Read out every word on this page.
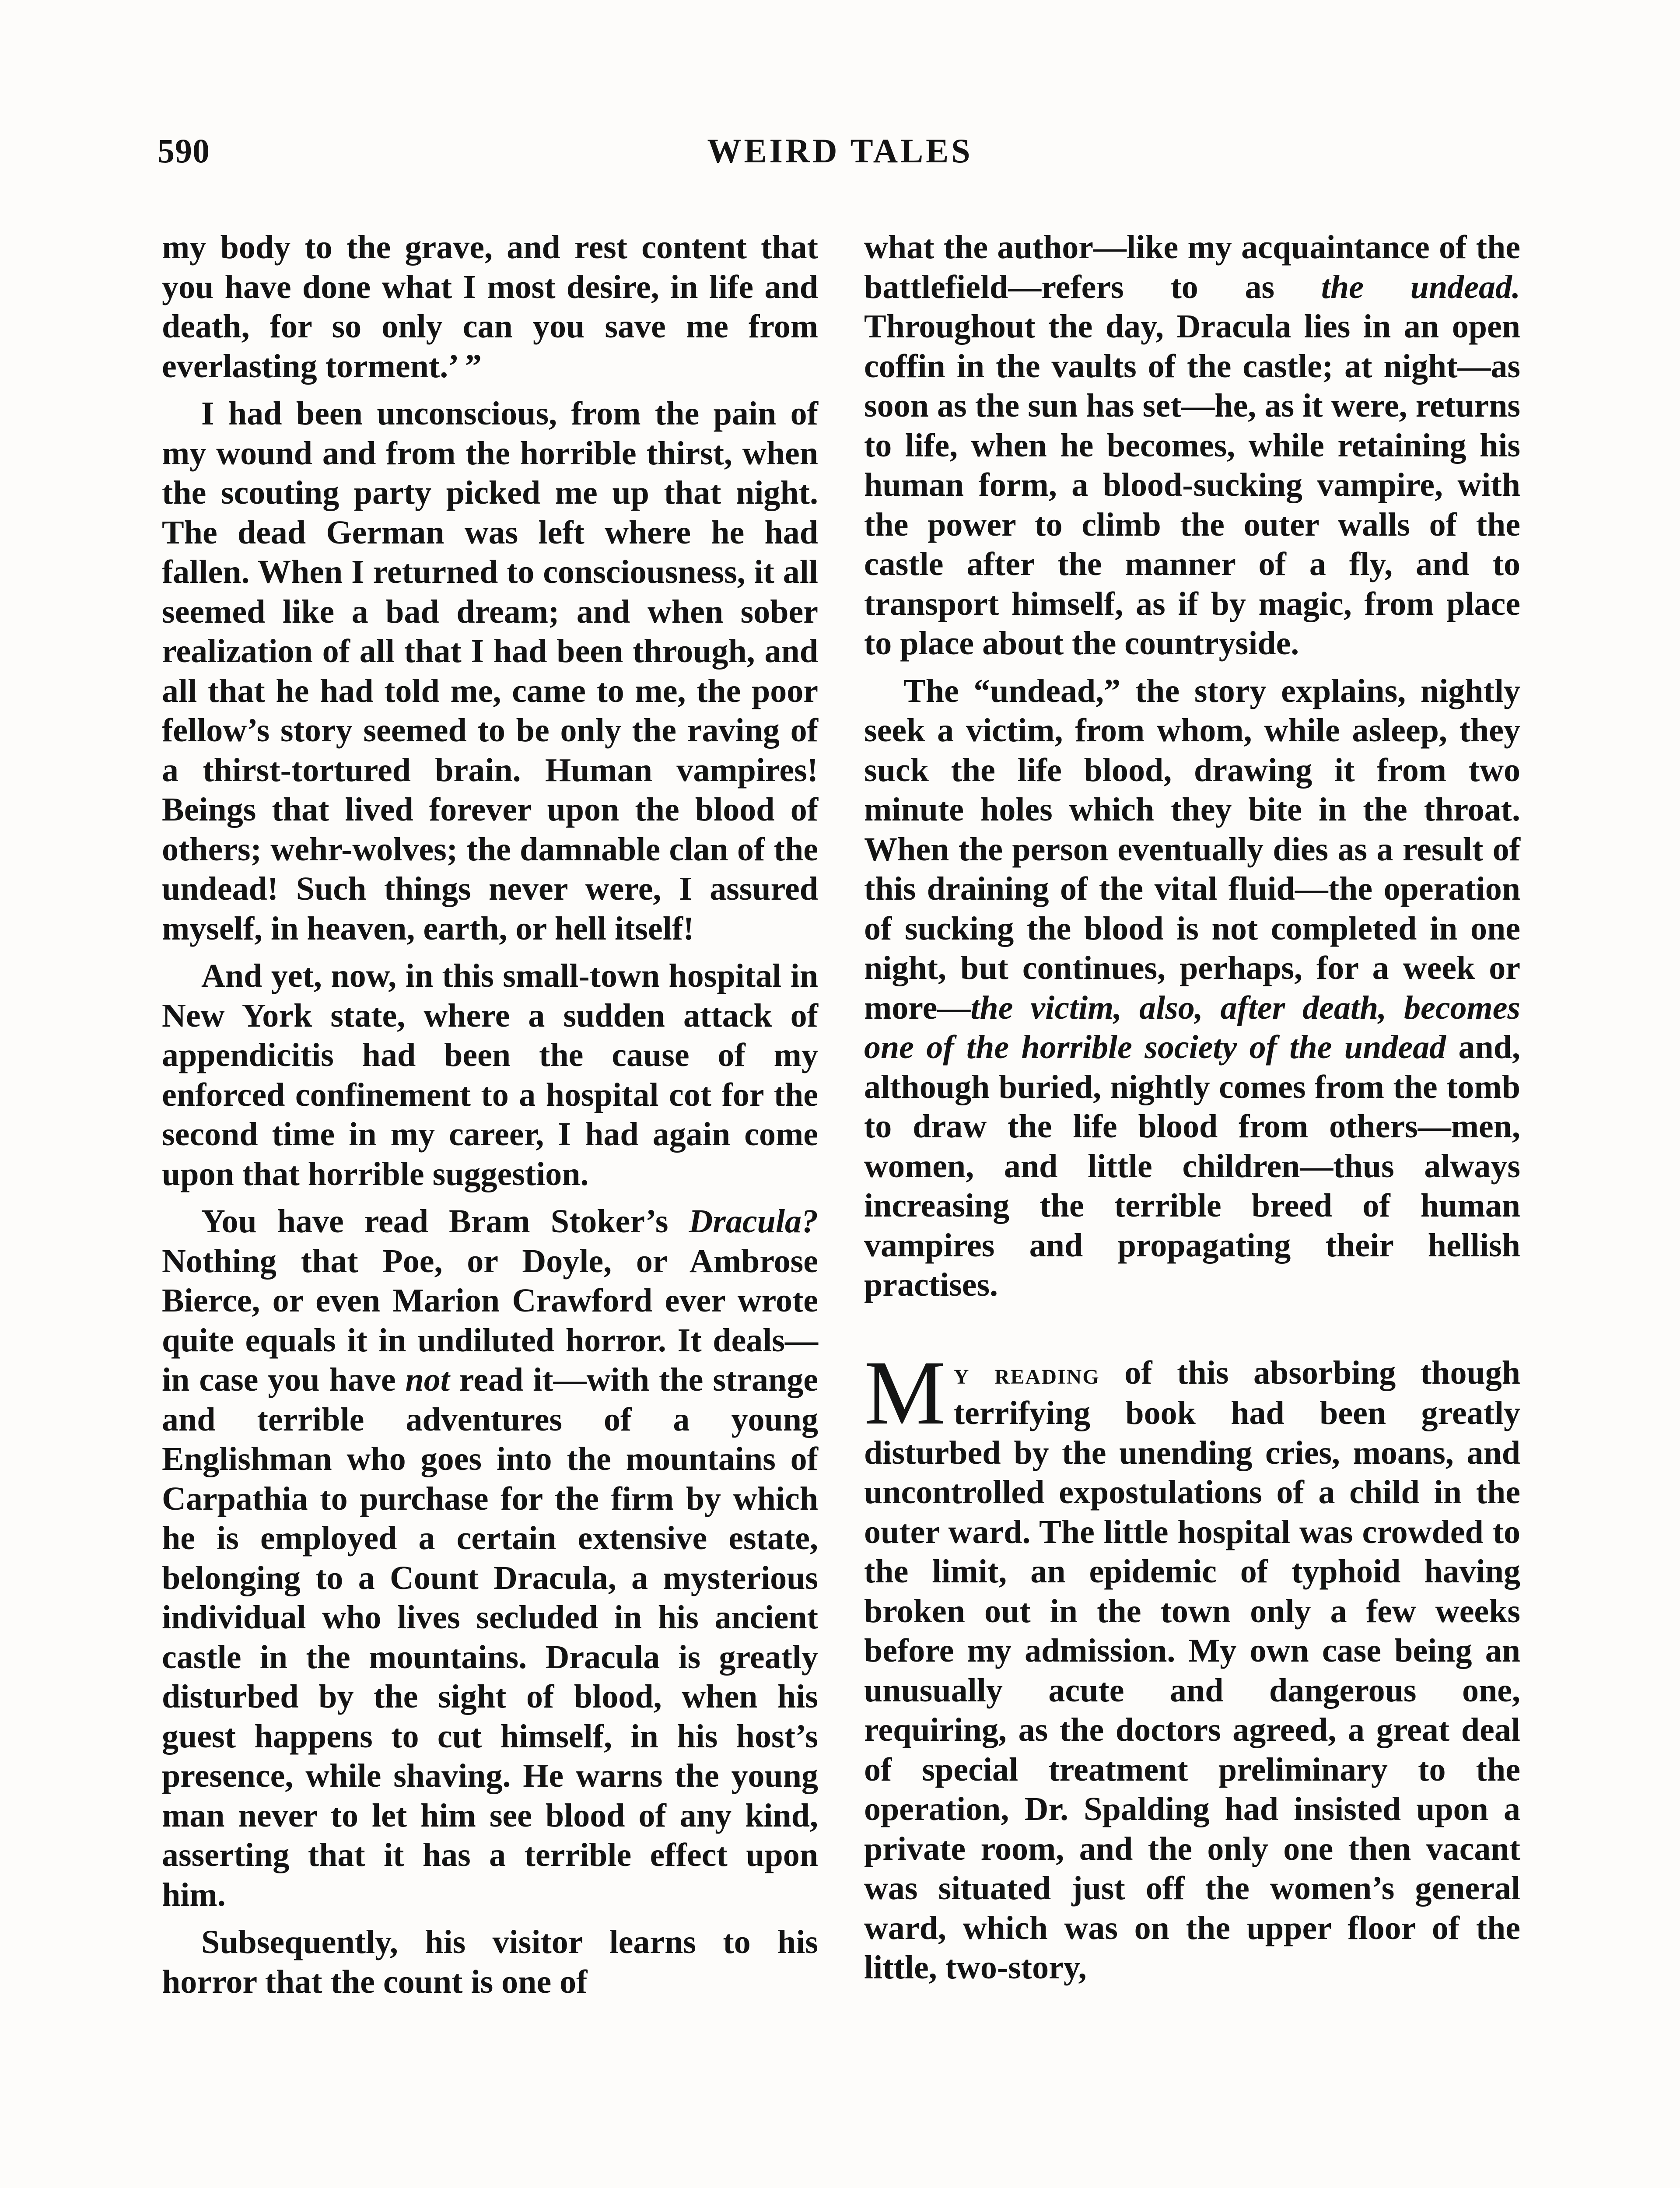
590	WEIRD TALES

my body to the grave, and rest content that you have done what I most desire, in life and death, for so only can you save me from everlasting torment.’ ”

I had been unconscious, from the pain of my wound and from the horrible thirst, when the scouting party picked me up that night. The dead German was left where he had fallen. When I returned to consciousness, it all seemed like a bad dream; and when sober realization of all that I had been through, and all that he had told me, came to me, the poor fellow’s story seemed to be only the raving of a thirst-tortured brain. Human vampires! Beings that lived forever upon the blood of others; wehr-wolves; the damnable clan of the undead! Such things never were, I assured myself, in heaven, earth, or hell itself!

And yet, now, in this small-town hospital in New York state, where a sudden attack of appendicitis had been the cause of my enforced confinement to a hospital cot for the second time in my career, I had again come upon that horrible suggestion.

You have read Bram Stoker’s Dracula? Nothing that Poe, or Doyle, or Ambrose Bierce, or even Marion Crawford ever wrote quite equals it in undiluted horror. It deals—in case you have not read it—with the strange and terrible adventures of a young Englishman who goes into the mountains of Carpathia to purchase for the firm by which he is employed a certain extensive estate, belonging to a Count Dracula, a mysterious individual who lives secluded in his ancient castle in the mountains. Dracula is greatly disturbed by the sight of blood, when his guest happens to cut himself, in his host’s presence, while shaving. He warns the young man never to let him see blood of any kind, asserting that it has a terrible effect upon him.

Subsequently, his visitor learns to his horror that the count is one of

what the author—like my acquaintance of the battlefield—refers to as the undead. Throughout the day, Dracula lies in an open coffin in the vaults of the castle; at night—as soon as the sun has set—he, as it were, returns to life, when he becomes, while retaining his human form, a blood-sucking vampire, with the power to climb the outer walls of the castle after the manner of a fly, and to transport himself, as if by magic, from place to place about the countryside.

The “undead,” the story explains, nightly seek a victim, from whom, while asleep, they suck the life blood, drawing it from two minute holes which they bite in the throat. When the person eventually dies as a result of this draining of the vital fluid—the operation of sucking the blood is not completed in one night, but continues, perhaps, for a week or more—the victim, also, after death, becomes one of the horrible society of the undead and, although buried, nightly comes from the tomb to draw the life blood from others—men, women, and little children—thus always increasing the terrible breed of human vampires and propagating their hellish practises.

My reading of this absorbing though terrifying book had been greatly disturbed by the unending cries, moans, and uncontrolled expostulations of a child in the outer ward. The little hospital was crowded to the limit, an epidemic of typhoid having broken out in the town only a few weeks before my admission. My own case being an unusually acute and dangerous one, requiring, as the doctors agreed, a great deal of special treatment preliminary to the operation, Dr. Spalding had insisted upon a private room, and the only one then vacant was situated just off the women’s general ward, which was on the upper floor of the little, two-story,
